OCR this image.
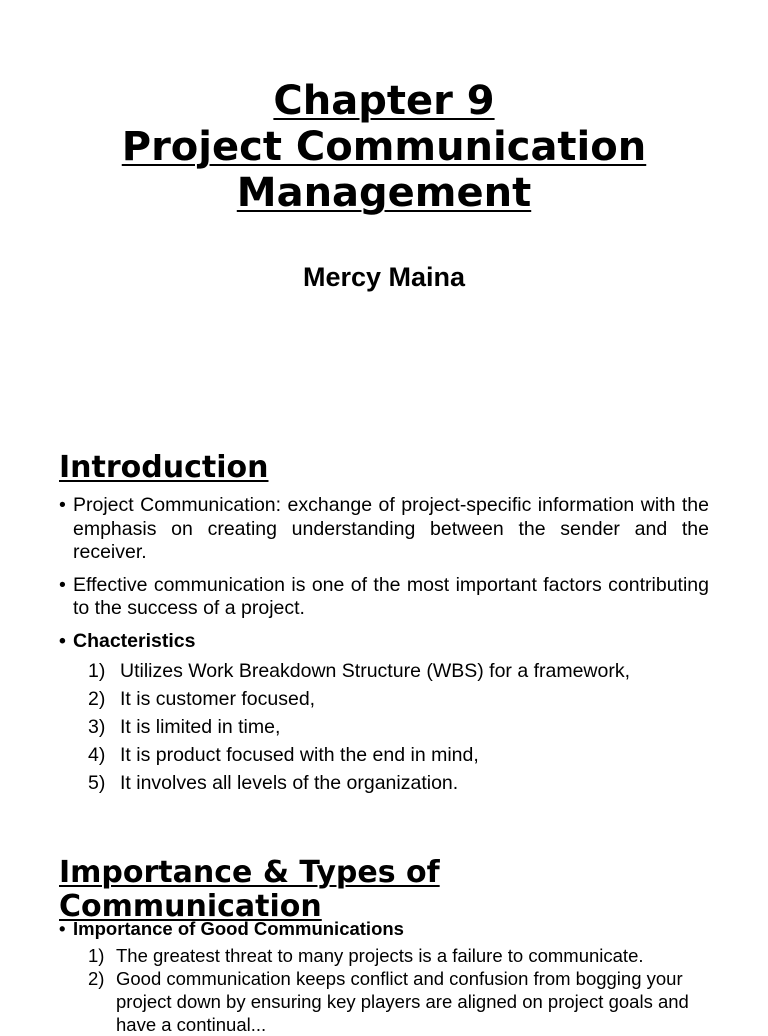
Chapter 9
Project Communication
Management
Mercy Maina
Introduction
• Project Communication: exchange of project-specific information with the emphasis on creating understanding between the sender and the receiver.
• Effective communication is one of the most important factors contributing to the success of a project.
• Chacteristics
1) Utilizes Work Breakdown Structure (WBS) for a framework,
2) It is customer focused,
3) It is limited in time,
4) It is product focused with the end in mind,
5) It involves all levels of the organization.
Importance & Types of
Communication
• Importance of Good Communications
1) The greatest threat to many projects is a failure to communicate.
2) Good communication keeps conflict and confusion from bogging your project down by ensuring key players are aligned on project goals and have a continual...
